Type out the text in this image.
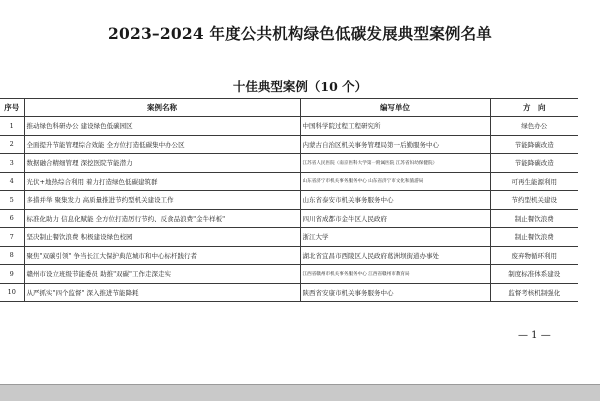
2023–2024 年度公共机构绿色低碳发展典型案例名单
十佳典型案例（10 个）
序号	案例名称	编写单位	方　向
1	推动绿色科研办公 建设绿色低碳园区	中国科学院过程工程研究所	绿色办公
2	全面提升节能管理综合效能 全方位打造低碳集中办公区	内蒙古自治区机关事务管理局第一后勤服务中心	节能降碳改造
3	数据融合精细管理 深挖医院节能潜力	江苏省人民医院（南京医科大学第一附属医院 江苏省妇幼保健院）	节能降碳改造
4	光伏+地热综合利用 着力打造绿色低碳建筑群	山东省济宁市机关事务服务中心 山东省济宁市文化和旅游局	可再生能源利用
5	多措并举 聚集发力 高质量推进节约型机关建设工作	山东省泰安市机关事务服务中心	节约型机关建设
6	标准化助力 信息化赋能 全方位打造厉行节约、反食品浪费"金牛样板"	四川省成都市金牛区人民政府	制止餐饮浪费
7	坚决制止餐饮浪费 积极建设绿色校园	浙江大学	制止餐饮浪费
8	聚焦"双碳引领" 争当长江大保护典范城市和中心标杆践行者	湖北省宜昌市西陵区人民政府葛洲坝街道办事处	废弃物循环利用
9	赣州市设立班级节能委员 助推"双碳"工作走深走实	江西省赣州市机关事务服务中心 江西省赣州市教育局	制度标准体系建设
10	从严抓实"四个监督" 深入推进节能降耗	陕西省安康市机关事务服务中心	监督考核机制强化
— 1 —
